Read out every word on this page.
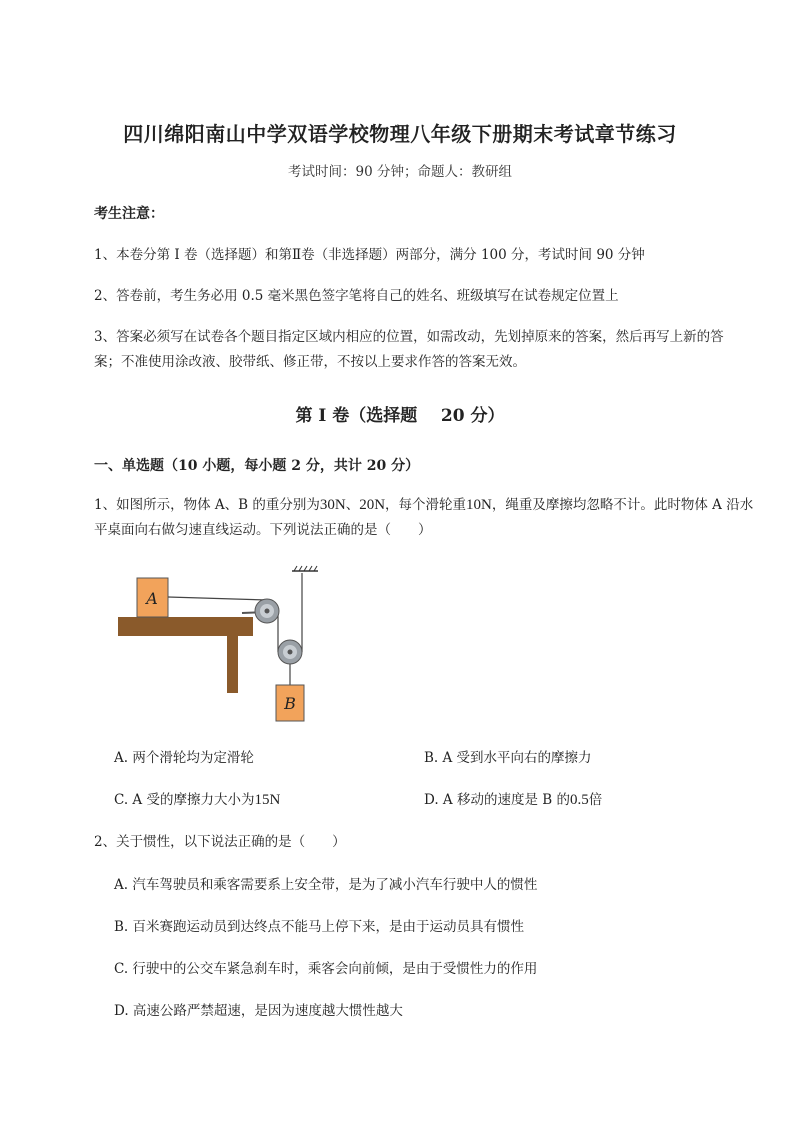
四川绵阳南山中学双语学校物理八年级下册期末考试章节练习
考试时间：90 分钟；命题人：教研组
考生注意：
1、本卷分第 I 卷（选择题）和第Ⅱ卷（非选择题）两部分，满分 100 分，考试时间 90 分钟
2、答卷前，考生务必用 0.5 毫米黑色签字笔将自己的姓名、班级填写在试卷规定位置上
3、答案必须写在试卷各个题目指定区域内相应的位置，如需改动，先划掉原来的答案，然后再写上新的答案；不准使用涂改液、胶带纸、修正带，不按以上要求作答的答案无效。
第 I 卷（选择题    20 分）
一、单选题（10 小题，每小题 2 分，共计 20 分）
1、如图所示，物体 A、B 的重分别为30N、20N，每个滑轮重10N，绳重及摩擦均忽略不计。此时物体 A 沿水平桌面向右做匀速直线运动。下列说法正确的是（　　）
A
B
A. 两个滑轮均为定滑轮	B. A 受到水平向右的摩擦力
C. A 受的摩擦力大小为15N	D. A 移动的速度是 B 的0.5倍
2、关于惯性，以下说法正确的是（　　）
A. 汽车驾驶员和乘客需要系上安全带，是为了减小汽车行驶中人的惯性
B. 百米赛跑运动员到达终点不能马上停下来，是由于运动员具有惯性
C. 行驶中的公交车紧急刹车时，乘客会向前倾，是由于受惯性力的作用
D. 高速公路严禁超速，是因为速度越大惯性越大
